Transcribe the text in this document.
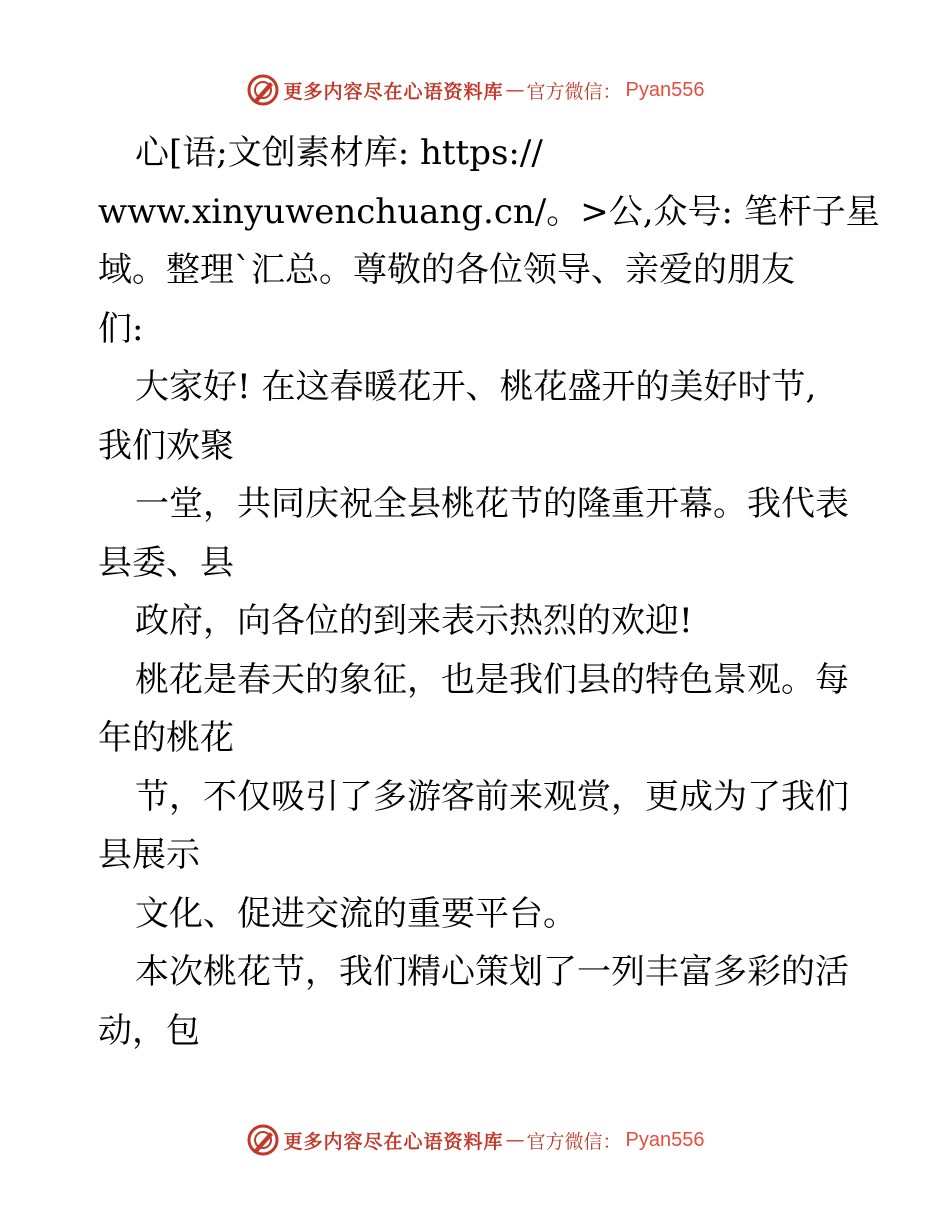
更多内容尽在心语资料库 — 官方微信： Pyan556
心[语;文创素材库: https://
www.xinyuwenchuang.cn/。>公,众号: 笔杆子星
域。整理`汇总。尊敬的各位领导、亲爱的朋友
们:
大家好! 在这春暖花开、桃花盛开的美好时节,
我们欢聚
一堂，共同庆祝全县桃花节的隆重开幕。我代表
县委、县
政府，向各位的到来表示热烈的欢迎!
桃花是春天的象征，也是我们县的特色景观。每
年的桃花
节，不仅吸引了多游客前来观赏，更成为了我们
县展示
文化、促进交流的重要平台。
本次桃花节，我们精心策划了一列丰富多彩的活
动，包
更多内容尽在心语资料库 — 官方微信： Pyan556
